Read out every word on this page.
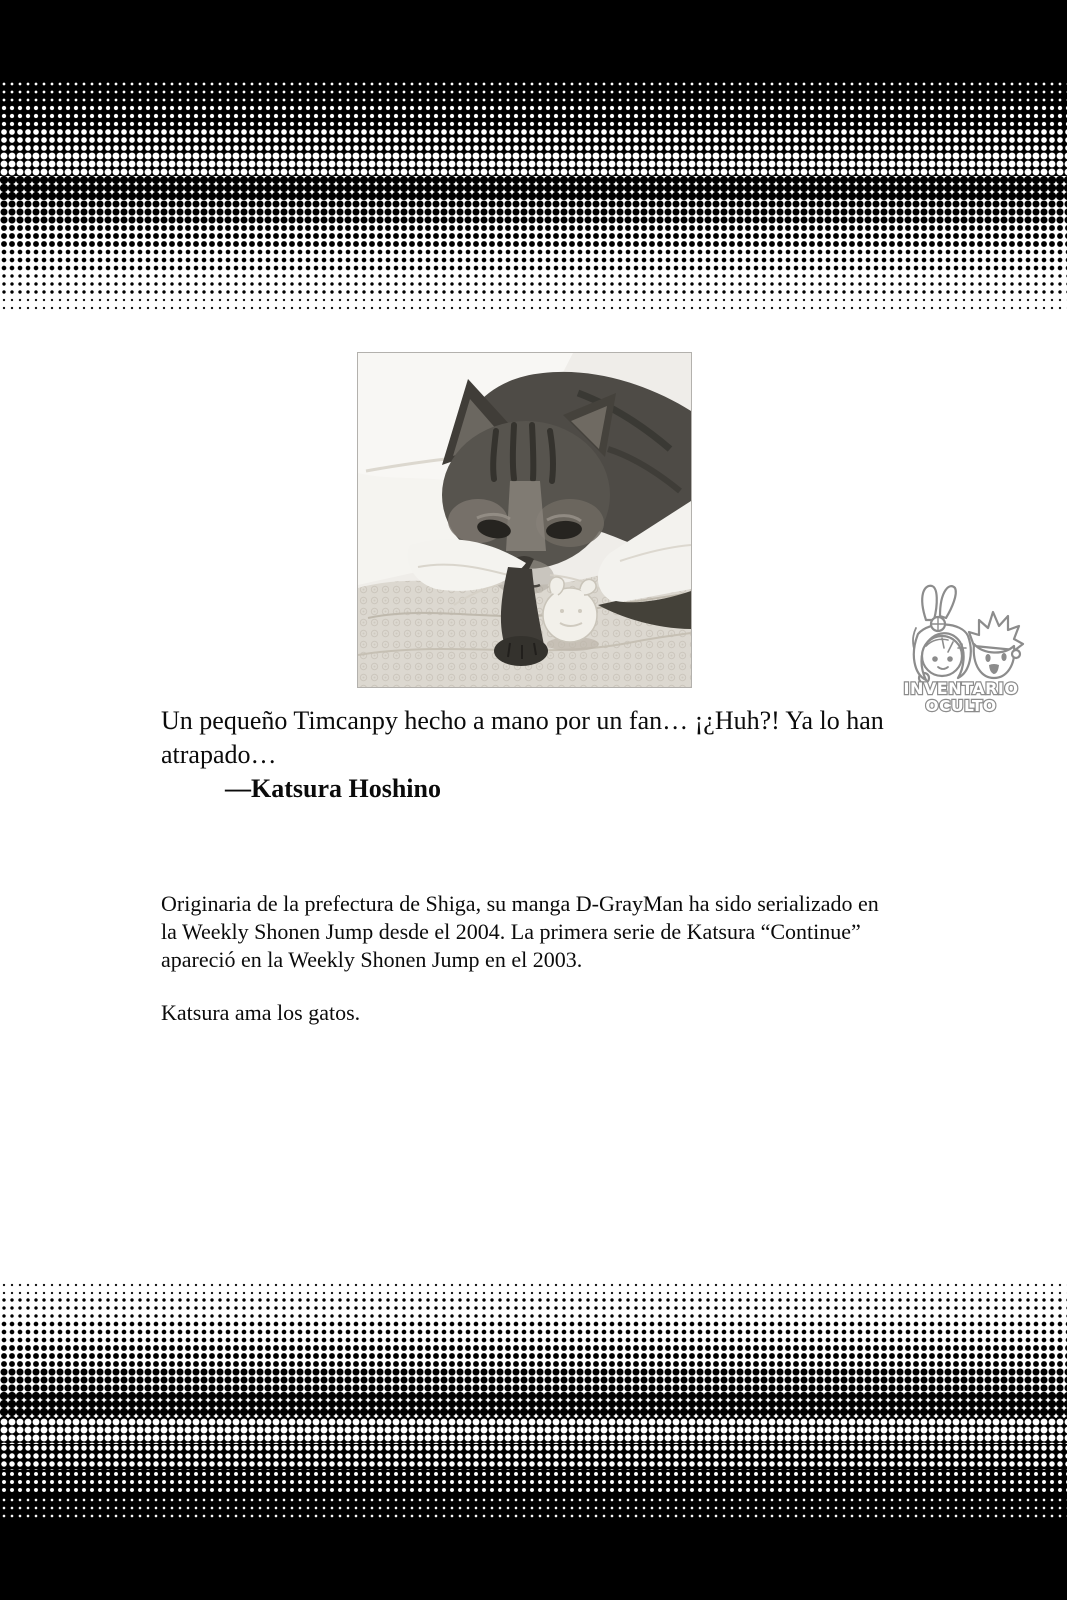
INVENTARIO
OCULTO
Un pequeño Timcanpy hecho a mano por un fan… ¡¿Huh?! Ya lo han
atrapado…
—Katsura Hoshino
Originaria de la prefectura de Shiga, su manga D-GrayMan ha sido serializado en
la Weekly Shonen Jump desde el 2004. La primera serie de Katsura “Continue”
apareció en la Weekly Shonen Jump en el 2003.
Katsura ama los gatos.
